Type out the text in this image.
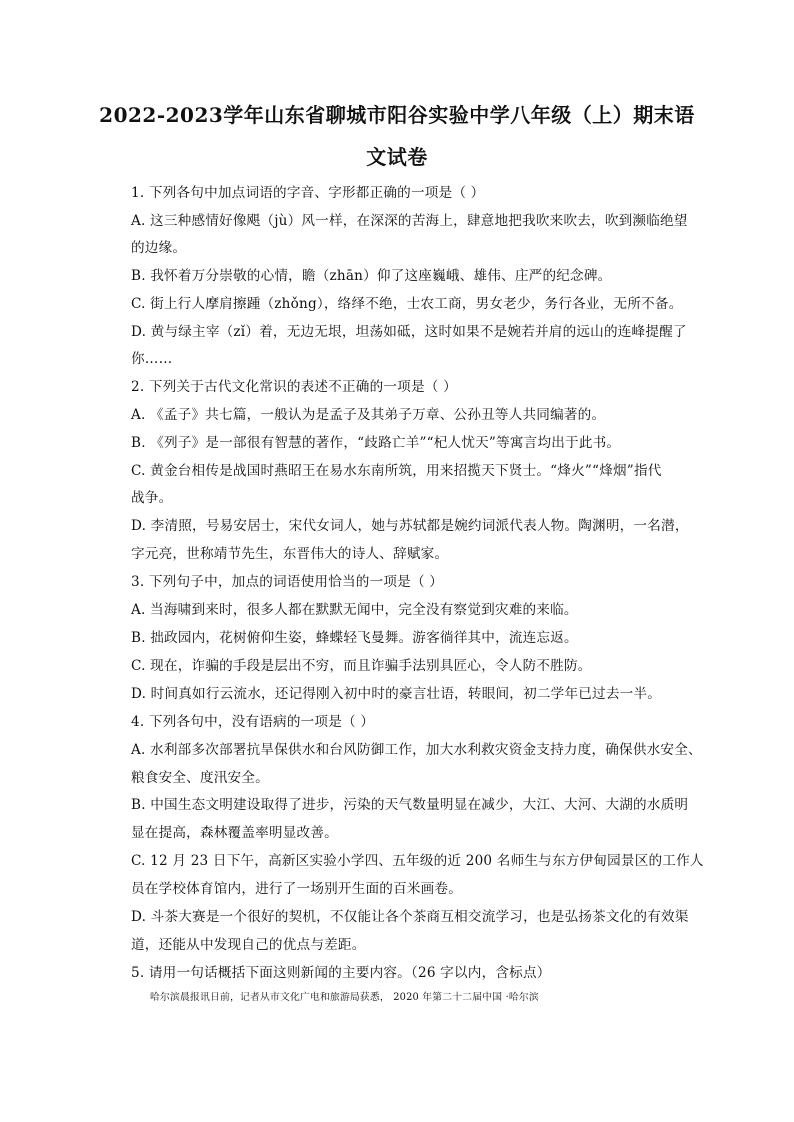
2022-2023学年山东省聊城市阳谷实验中学八年级（上）期末语
文试卷
1. 下列各句中加点词语的字音、字形都正确的一项是（ ）
A. 这三种感情好像飓（jù）风一样，在深深的苦海上，肆意地把我吹来吹去，吹到濒临绝望
的边缘。
B. 我怀着万分崇敬的心情，瞻（zhān）仰了这座巍峨、雄伟、庄严的纪念碑。
C. 街上行人摩肩擦踵（zhǒng），络绎不绝，士农工商，男女老少，务行各业，无所不备。
D. 黄与绿主宰（zǐ）着，无边无垠，坦荡如砥，这时如果不是婉若并肩的远山的连峰提醒了
你……
2. 下列关于古代文化常识的表述不正确的一项是（ ）
A. 《孟子》共七篇，一般认为是孟子及其弟子万章、公孙丑等人共同编著的。
B. 《列子》是一部很有智慧的著作，“歧路亡羊”“杞人忧天”等寓言均出于此书。
C. 黄金台相传是战国时燕昭王在易水东南所筑，用来招揽天下贤士。“烽火”“烽烟”指代
战争。
D. 李清照，号易安居士，宋代女词人，她与苏轼都是婉约词派代表人物。陶渊明，一名潜，
字元亮，世称靖节先生，东晋伟大的诗人、辞赋家。
3. 下列句子中，加点的词语使用恰当的一项是（ ）
A. 当海啸到来时，很多人都在默默无闻中，完全没有察觉到灾难的来临。
B. 拙政园内，花树俯仰生姿，蜂蝶轻飞曼舞。游客徜徉其中，流连忘返。
C. 现在，诈骗的手段是层出不穷，而且诈骗手法别具匠心，令人防不胜防。
D. 时间真如行云流水，还记得刚入初中时的豪言壮语，转眼间，初二学年已过去一半。
4. 下列各句中，没有语病的一项是（ ）
A. 水利部多次部署抗旱保供水和台风防御工作，加大水利救灾资金支持力度，确保供水安全、
粮食安全、度汛安全。
B. 中国生态文明建设取得了进步，污染的天气数量明显在减少，大江、大河、大湖的水质明
显在提高，森林覆盖率明显改善。
C. 12 月 23 日下午，高新区实验小学四、五年级的近 200 名师生与东方伊甸园景区的工作人
员在学校体育馆内，进行了一场别开生面的百米画卷。
D. 斗茶大赛是一个很好的契机，不仅能让各个茶商互相交流学习，也是弘扬茶文化的有效渠
道，还能从中发现自己的优点与差距。
5. 请用一句话概括下面这则新闻的主要内容。（26 字以内，含标点）
哈尔滨晨报讯日前，记者从市文化广电和旅游局获悉， 2020 年第二十二届中国 ·哈尔滨
